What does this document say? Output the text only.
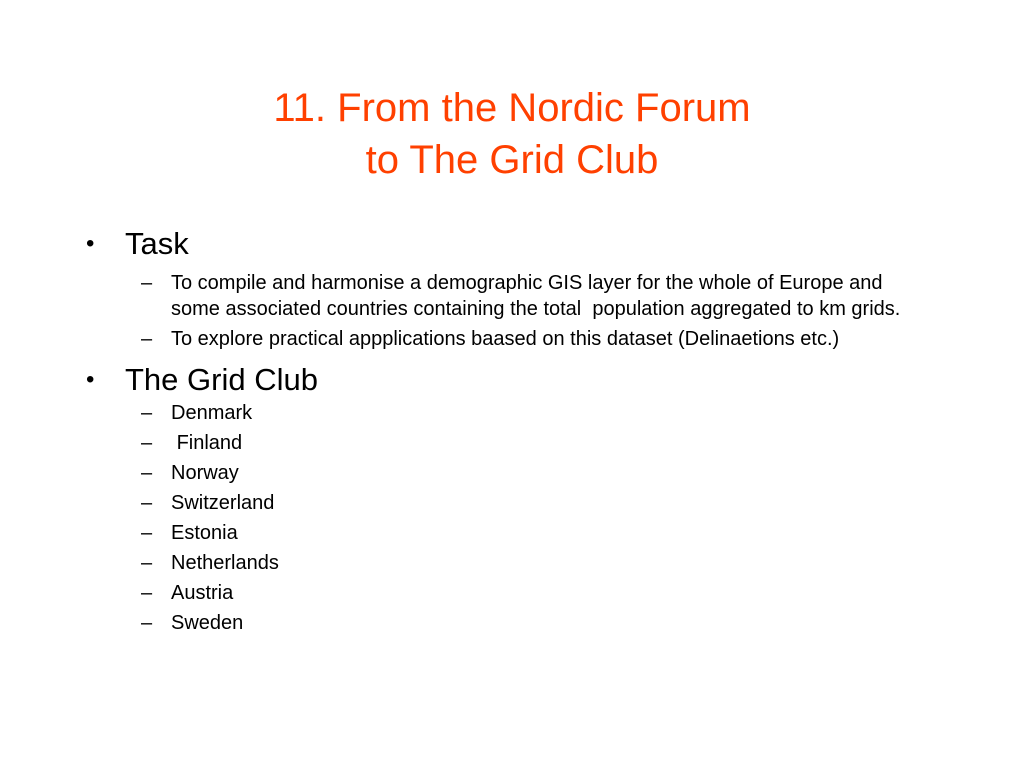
11. From the Nordic Forum
to The Grid Club
• Task
– To compile and harmonise a demographic GIS layer for the whole of Europe and some associated countries containing the total  population aggregated to km grids.
– To explore practical appplications baased on this dataset (Delinaetions etc.)
• The Grid Club
– Denmark
– Finland
– Norway
– Switzerland
– Estonia
– Netherlands
– Austria
– Sweden
